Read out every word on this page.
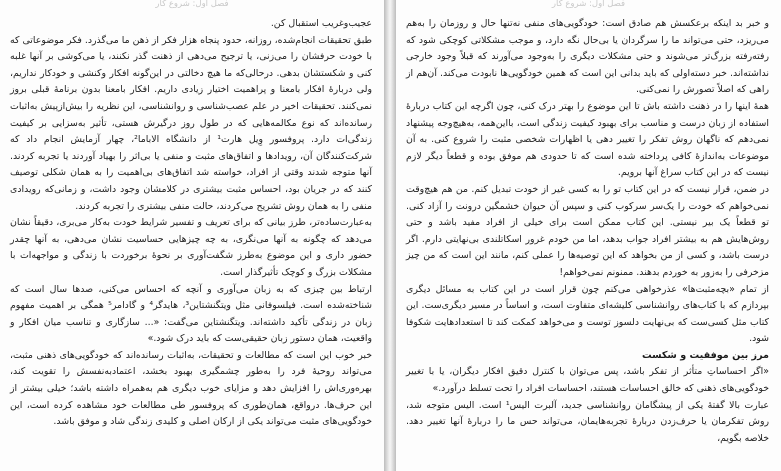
فصل اول: شروع کار

عجیب‌وغریب استقبال کن.

طبق تحقیقات انجام‌شده، روزانه، حدود پنجاه هزار فکر از ذهن ما می‌گذرد. فکر موضوعاتی که با خودت حرفشان را می‌زنی، یا ترجیح می‌دهی از ذهنت گذر نکنند، یا می‌کوشی بر آنها غلبه کنی و شکستشان بدهی. درحالی‌که ما هیچ دخالتی در این‌گونه افکار وکنشی و خودکار نداریم، ولی دربارهٔ افکار بامعنا و پراهمیت اختیار زیادی داریم. افکار بامعنا بدون برنامهٔ قبلی بروز نمی‌کنند. تحقیقات اخیر در علم عصب‌شناسی و روانشناسی، این نظریه را بیش‌ازپیش به‌اثبات رسانده‌اند که نوع مکالمه‌هایی که در طول روز درگیرش هستی، تأثیر به‌سزایی بر کیفیت زندگی‌ات دارد. پروفسور وِیل هارت¹ از دانشگاه الاباما²، چهار آزمایش انجام داد که شرکت‌کنندگان آن، رویدادها و اتفاق‌های مثبت و منفی یا بی‌اثر را بهیاد آوردند یا تجربه کردند. آنها متوجه شدند وقتی از افراد، خواسته شد اتفاق‌های بی‌اهمیت را به همان شکلی توصیف کنند که در جریان بود، احساس مثبت بیشتری در کلامشان وجود داشت، و زمانی‌که رویدادی منفی را به همان روش تشریح می‌کردند، حالت منفی بیشتری را تجربه کردند.

به‌عبارت‌ساده‌تر، طرز بیانی که برای تعریف و تفسیر شرایط خودت به‌کار می‌بری، دقیقاً نشان می‌دهد که چگونه به آنها می‌نگری، به چه چیزهایی حساسیت نشان می‌دهی، به آنها چقدر حضور داری و این موضوع به‌طرز شگفت‌آوری بر نحوهٔ برخوردت با زندگی و مواجهه‌ات با مشکلات بزرگ و کوچک تأثیرگذار است.

ارتباط بین چیزی که به زبان می‌آوری و آنچه که احساس می‌کنی، صدها سال است که شناخته‌شده است. فیلسوفانی مثل ویتگنشتاین³، هایدگر⁴ و گادامر⁵ همگی بر اهمیت مفهوم زبان در زندگی تأکید داشته‌اند. ویتگنشتاین می‌گفت: «... سازگاری و تناسب میان افکار و واقعیت، همان دستور زبان حقیقی‌ست که باید درک شود.»

خبر خوب این است که مطالعات و تحقیقات، به‌اثبات رسانده‌اند که خودگویی‌های ذهنی مثبت، می‌تواند روحیهٔ فرد را به‌طور چشمگیری بهبود بخشد، اعتمادبه‌نفسش را تقویت کند، بهره‌وری‌اش را افزایش دهد و مزایای خوب دیگری هم به‌همراه داشته باشد؛ خیلی بیشتر از این حرف‌ها. درواقع، همان‌طوری که پروفسور طی مطالعات خود مشاهده کرده است، این خودگویی‌های مثبت می‌تواند یکی از ارکان اصلی و کلیدی زندگی شاد و موفق باشد.

فصل اول: شروع کار

و خبر بد اینکه برعکسش هم صادق است: خودگویی‌های منفی نه‌تنها حال و روزمان را به‌هم می‌ریزد، حتی می‌تواند ما را سرگردان یا بی‌حال نگه دارد، و موجب مشکلاتی کوچکی شود که رفته‌رفته بزرگ‌تر می‌شوند و حتی مشکلات دیگری را به‌وجود می‌آورند که قبلاً وجود خارجی نداشته‌اند. خبر دسته‌اولی که باید بدانی این است که همین خودگویی‌ها نابودت می‌کند. آن‌هم از راهی که اصلاً تصورش را نمی‌کنی.

همهٔ اینها را در ذهنت داشته باش تا این موضوع را بهتر درک کنی، چون اگرچه این کتاب دربارهٔ استفاده از زبان درست و مناسب برای بهبود کیفیت زندگی است، بااین‌همه، به‌هیچ‌وجه پیشنهاد نمی‌دهم که ناگهان روش تفکر را تغییر دهی یا اظهارات شخصی مثبت را شروع کنی. به آن موضوعات به‌اندازهٔ کافی پرداخته شده است که تا حدودی هم موفق بوده و قطعاً دیگر لازم نیست که در این کتاب سراغ آنها برویم.

در ضمن، قرار نیست که در این کتاب تو را به کسی غیر از خودت تبدیل کنم. من هم هیچ‌وقت نمی‌خواهم که خودت را یک‌سر سرکوب کنی و سپس آن حیوان خشمگین درونت را آزاد کنی. تو قطعاً یک بیر نیستی. این کتاب ممکن است برای خیلی از افراد مفید باشد و حتی روش‌هایش هم به بیشتر افراد جواب بدهد، اما من خودم غرور اسکاتلندی بی‌نهایتی دارم. اگر درست باشد، و کسی از من بخواهد که این توصیه‌ها را عملی کنم، مانند این است که من چیز مزخرفی را به‌زور به خوردم بدهند. ممنونم نمی‌خواهم!

از تمام «بچه‌مثبت‌ها» عذرخواهی می‌کنم چون قرار است در این کتاب به مسائل دیگری بپردازم که با کتاب‌های روانشناسی کلیشه‌ای متفاوت است، و اساساً در مسیر دیگری‌ست. این کتاب مثل کسی‌ست که بی‌نهایت دلسوز توست و می‌خواهد کمکت کند تا استعدادهایت شکوفا شود.

مرز بین موفقیت و شکست

«اگر احساساتِ متأثر از تفکر باشد، پس می‌توان با کنترل دقیق افکار دیگران، یا با تغییر خودگویی‌های ذهنی که خالق احساسات هستند، احساسات افراد را تحت تسلط درآورد.»

عبارت بالا گفتهٔ یکی از پیشگامان روانشناسی جدید، آلبرت الیس¹ است. الیس متوجه شد، روش تفکرمان یا حرف‌زدن دربارهٔ تجربه‌هایمان، می‌تواند حس ما را دربارهٔ آنها تغییر دهد. خلاصه بگویم،
